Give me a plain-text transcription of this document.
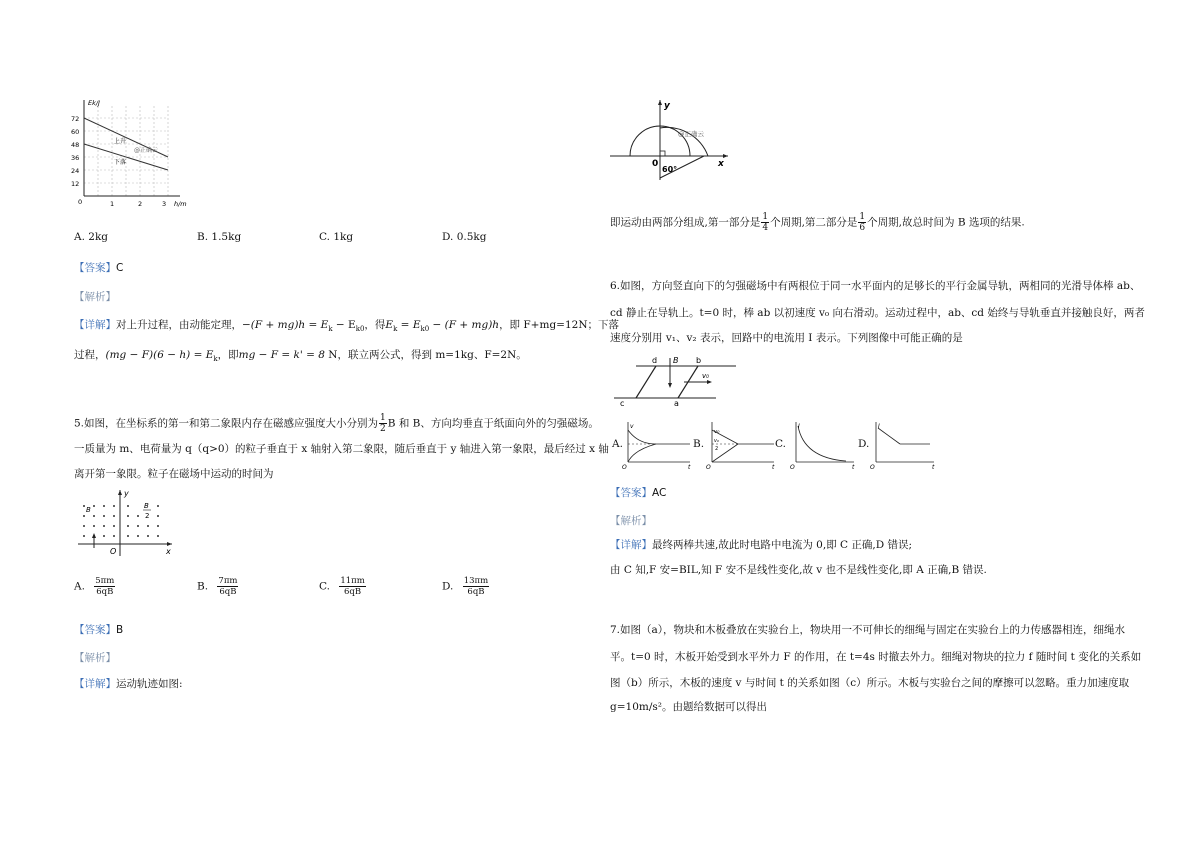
Ek/J
h/m
72
60
48
36
24
12
0	1	2	3
上升
下落
@正确云
A. 2kg	B. 1.5kg	C. 1kg	D. 0.5kg
【答案】C
【解析】
【详解】对上升过程，由动能定理，$-(F + mg)h = E_k - E_{k0}$，得$E_k = E_{k0} - (F + mg)h$，即 F+mg=12N；下落
过程，$(mg - F)(6 - h) = E_k$，即mg − F = k' = 8 N，联立两公式，得到 m=1kg、F=2N。
5.如图，在坐标系的第一和第二象限内存在磁感应强度大小分别为 $\frac{1}{2}$ B 和 B、方向均垂直于纸面向外的匀强磁场。
一质量为 m、电荷量为 q（q>0）的粒子垂直于 x 轴射入第二象限，随后垂直于 y 轴进入第一象限，最后经过 x 轴
离开第一象限。粒子在磁场中运动的时间为
y
x
O
B	B
2
A. $\frac{5\pi m}{6qB}$	B. $\frac{7\pi m}{6qB}$	C. $\frac{11\pi m}{6qB}$	D. $\frac{13\pi m}{6qB}$
【答案】B
【解析】
【详解】运动轨迹如图:
y
x
0
60°
@正确云
即运动由两部分组成,第一部分是 $\frac{1}{4}$ 个周期,第二部分是 $\frac{1}{6}$ 个周期,故总时间为 B 选项的结果.
6.如图，方向竖直向下的匀强磁场中有两根位于同一水平面内的足够长的平行金属导轨，两相同的光滑导体棒 ab、
cd 静止在导轨上。t=0 时，棒 ab 以初速度 v₀ 向右滑动。运动过程中，ab、cd 始终与导轨垂直并接触良好，两者
速度分别用 v₁、v₂ 表示，回路中的电流用 I 表示。下列图像中可能正确的是
d B b
v₀
c	a
A.
v
t
O
B.
v₀
v₀
2
t
O
C.
I
t
O
D.
I
t
O
【答案】AC
【解析】
【详解】最终两棒共速,故此时电路中电流为 0,即 C 正确,D 错误;
由 C 知,F 安=BIL,知 F 安不是线性变化,故 v 也不是线性变化,即 A 正确,B 错误.
7.如图（a），物块和木板叠放在实验台上，物块用一不可伸长的细绳与固定在实验台上的力传感器相连，细绳水
平。t=0 时，木板开始受到水平外力 F 的作用，在 t=4s 时撤去外力。细绳对物块的拉力 f 随时间 t 变化的关系如
图（b）所示，木板的速度 v 与时间 t 的关系如图（c）所示。木板与实验台之间的摩擦可以忽略。重力加速度取
g=10m/s²。由题给数据可以得出
